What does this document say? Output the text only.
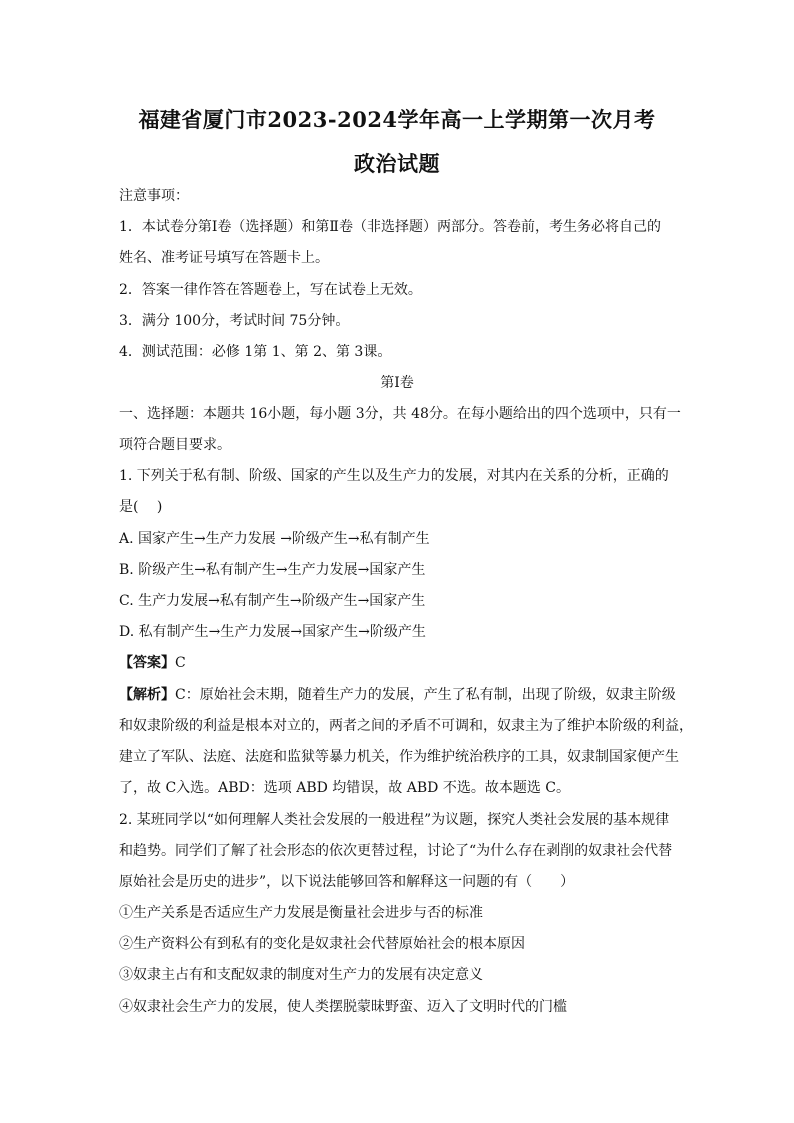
福建省厦门市2023-2024学年高一上学期第一次月考
政治试题
注意事项：
1．本试卷分第Ⅰ卷（选择题）和第Ⅱ卷（非选择题）两部分。答卷前，考生务必将自己的
姓名、准考证号填写在答题卡上。
2．答案一律作答在答题卷上，写在试卷上无效。
3．满分 100分，考试时间 75分钟。
4．测试范围：必修 1第 1、第 2、第 3课。
第Ⅰ卷
一、选择题：本题共 16小题，每小题 3分，共 48分。在每小题给出的四个选项中，只有一
项符合题目要求。
1. 下列关于私有制、阶级、国家的产生以及生产力的发展，对其内在关系的分析，正确的
是(　 )
A. 国家产生→生产力发展 →阶级产生→私有制产生
B. 阶级产生→私有制产生→生产力发展→国家产生
C. 生产力发展→私有制产生→阶级产生→国家产生
D. 私有制产生→生产力发展→国家产生→阶级产生
【答案】C
【解析】C：原始社会末期，随着生产力的发展，产生了私有制，出现了阶级，奴隶主阶级
和奴隶阶级的利益是根本对立的，两者之间的矛盾不可调和，奴隶主为了维护本阶级的利益，
建立了军队、法庭、法庭和监狱等暴力机关，作为维护统治秩序的工具，奴隶制国家便产生
了，故 C入选。ABD：选项 ABD 均错误，故 ABD 不选。故本题选 C。
2. 某班同学以“如何理解人类社会发展的一般进程”为议题，探究人类社会发展的基本规律
和趋势。同学们了解了社会形态的依次更替过程，讨论了“为什么存在剥削的奴隶社会代替
原始社会是历史的进步”，以下说法能够回答和解释这一问题的有（　　）
①生产关系是否适应生产力发展是衡量社会进步与否的标准
②生产资料公有到私有的变化是奴隶社会代替原始社会的根本原因
③奴隶主占有和支配奴隶的制度对生产力的发展有决定意义
④奴隶社会生产力的发展，使人类摆脱蒙昧野蛮、迈入了文明时代的门槛
